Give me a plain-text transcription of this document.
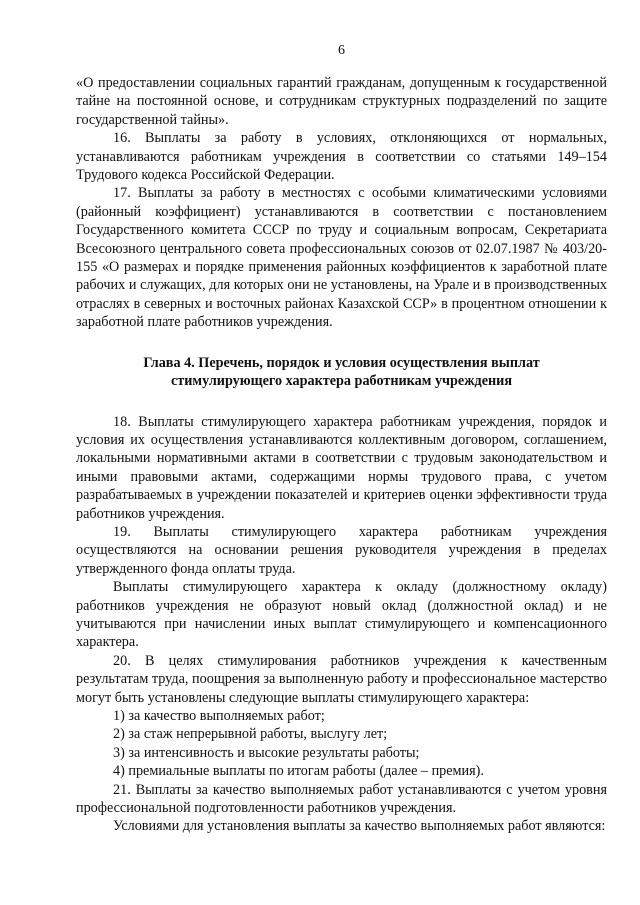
6

«О предоставлении социальных гарантий гражданам, допущенным к государственной тайне на постоянной основе, и сотрудникам структурных подразделений по защите государственной тайны».

16. Выплаты за работу в условиях, отклоняющихся от нормальных, устанавливаются работникам учреждения в соответствии со статьями 149–154 Трудового кодекса Российской Федерации.

17. Выплаты за работу в местностях с особыми климатическими условиями (районный коэффициент) устанавливаются в соответствии с постановлением Государственного комитета СССР по труду и социальным вопросам, Секретариата Всесоюзного центрального совета профессиональных союзов от 02.07.1987 № 403/20-155 «О размерах и порядке применения районных коэффициентов к заработной плате рабочих и служащих, для которых они не установлены, на Урале и в производственных отраслях в северных и восточных районах Казахской ССР» в процентном отношении к заработной плате работников учреждения.

Глава 4. Перечень, порядок и условия осуществления выплат
стимулирующего характера работникам учреждения

18. Выплаты стимулирующего характера работникам учреждения, порядок и условия их осуществления устанавливаются коллективным договором, соглашением, локальными нормативными актами в соответствии с трудовым законодательством и иными правовыми актами, содержащими нормы трудового права, с учетом разрабатываемых в учреждении показателей и критериев оценки эффективности труда работников учреждения.

19. Выплаты стимулирующего характера работникам учреждения осуществляются на основании решения руководителя учреждения в пределах утвержденного фонда оплаты труда.

Выплаты стимулирующего характера к окладу (должностному окладу) работников учреждения не образуют новый оклад (должностной оклад) и не учитываются при начислении иных выплат стимулирующего и компенсационного характера.

20. В целях стимулирования работников учреждения к качественным результатам труда, поощрения за выполненную работу и профессиональное мастерство могут быть установлены следующие выплаты стимулирующего характера:

1) за качество выполняемых работ;

2) за стаж непрерывной работы, выслугу лет;

3) за интенсивность и высокие результаты работы;

4) премиальные выплаты по итогам работы (далее – премия).

21. Выплаты за качество выполняемых работ устанавливаются с учетом уровня профессиональной подготовленности работников учреждения.

Условиями для установления выплаты за качество выполняемых работ являются:
